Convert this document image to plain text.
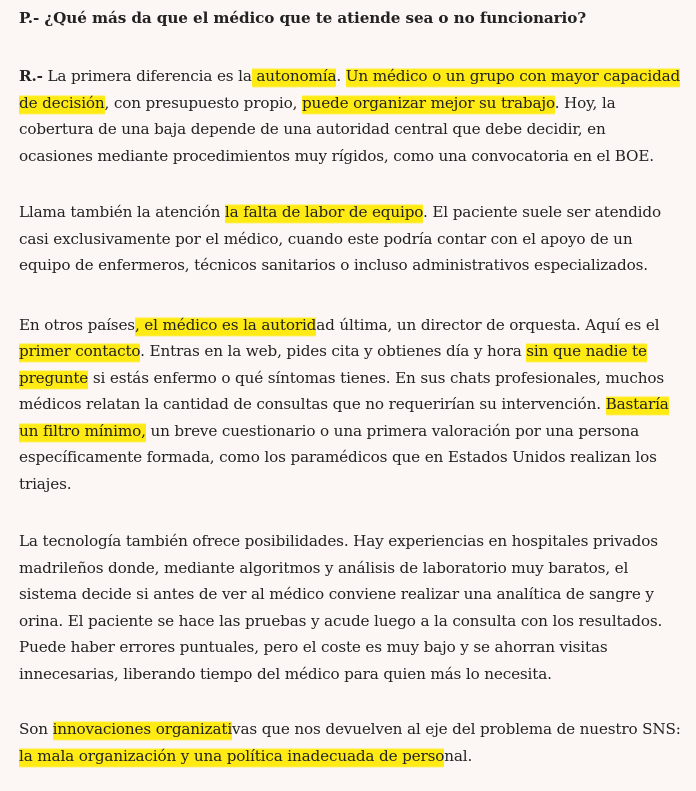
P.- ¿Qué más da que el médico que te atiende sea o no funcionario?

R.- La primera diferencia es la autonomía. Un médico o un grupo con mayor capacidad de decisión, con presupuesto propio, puede organizar mejor su trabajo. Hoy, la cobertura de una baja depende de una autoridad central que debe decidir, en ocasiones mediante procedimientos muy rígidos, como una convocatoria en el BOE.

Llama también la atención la falta de labor de equipo. El paciente suele ser atendido casi exclusivamente por el médico, cuando este podría contar con el apoyo de un equipo de enfermeros, técnicos sanitarios o incluso administrativos especializados.

En otros países, el médico es la autoridad última, un director de orquesta. Aquí es el primer contacto. Entras en la web, pides cita y obtienes día y hora sin que nadie te pregunte si estás enfermo o qué síntomas tienes. En sus chats profesionales, muchos médicos relatan la cantidad de consultas que no requerirían su intervención. Bastaría un filtro mínimo, un breve cuestionario o una primera valoración por una persona específicamente formada, como los paramédicos que en Estados Unidos realizan los triajes.

La tecnología también ofrece posibilidades. Hay experiencias en hospitales privados madrileños donde, mediante algoritmos y análisis de laboratorio muy baratos, el sistema decide si antes de ver al médico conviene realizar una analítica de sangre y orina. El paciente se hace las pruebas y acude luego a la consulta con los resultados. Puede haber errores puntuales, pero el coste es muy bajo y se ahorran visitas innecesarias, liberando tiempo del médico para quien más lo necesita.

Son innovaciones organizativas que nos devuelven al eje del problema de nuestro SNS: la mala organización y una política inadecuada de personal.
